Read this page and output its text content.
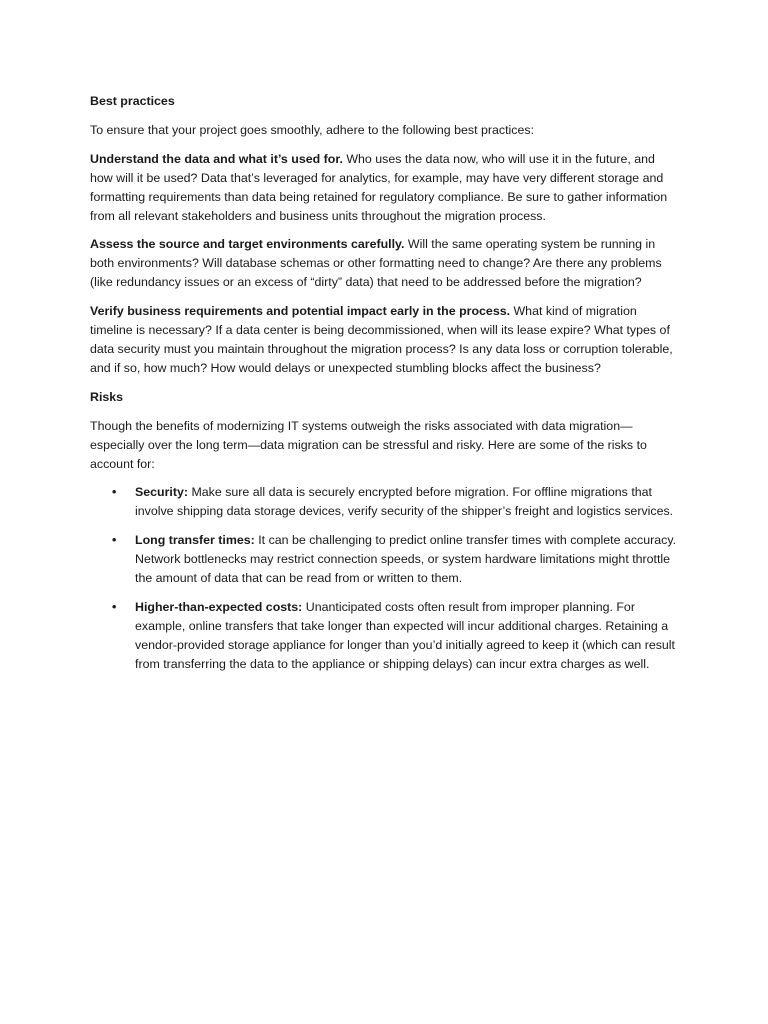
Best practices

To ensure that your project goes smoothly, adhere to the following best practices:

Understand the data and what it’s used for. Who uses the data now, who will use it in the future, and how will it be used? Data that’s leveraged for analytics, for example, may have very different storage and formatting requirements than data being retained for regulatory compliance. Be sure to gather information from all relevant stakeholders and business units throughout the migration process.

Assess the source and target environments carefully. Will the same operating system be running in both environments? Will database schemas or other formatting need to change? Are there any problems (like redundancy issues or an excess of “dirty” data) that need to be addressed before the migration?

Verify business requirements and potential impact early in the process. What kind of migration timeline is necessary? If a data center is being decommissioned, when will its lease expire? What types of data security must you maintain throughout the migration process? Is any data loss or corruption tolerable, and if so, how much? How would delays or unexpected stumbling blocks affect the business?

Risks

Though the benefits of modernizing IT systems outweigh the risks associated with data migration—especially over the long term—data migration can be stressful and risky. Here are some of the risks to account for:

• Security: Make sure all data is securely encrypted before migration. For offline migrations that involve shipping data storage devices, verify security of the shipper’s freight and logistics services.
• Long transfer times: It can be challenging to predict online transfer times with complete accuracy. Network bottlenecks may restrict connection speeds, or system hardware limitations might throttle the amount of data that can be read from or written to them.
• Higher-than-expected costs: Unanticipated costs often result from improper planning. For example, online transfers that take longer than expected will incur additional charges. Retaining a vendor-provided storage appliance for longer than you’d initially agreed to keep it (which can result from transferring the data to the appliance or shipping delays) can incur extra charges as well.
